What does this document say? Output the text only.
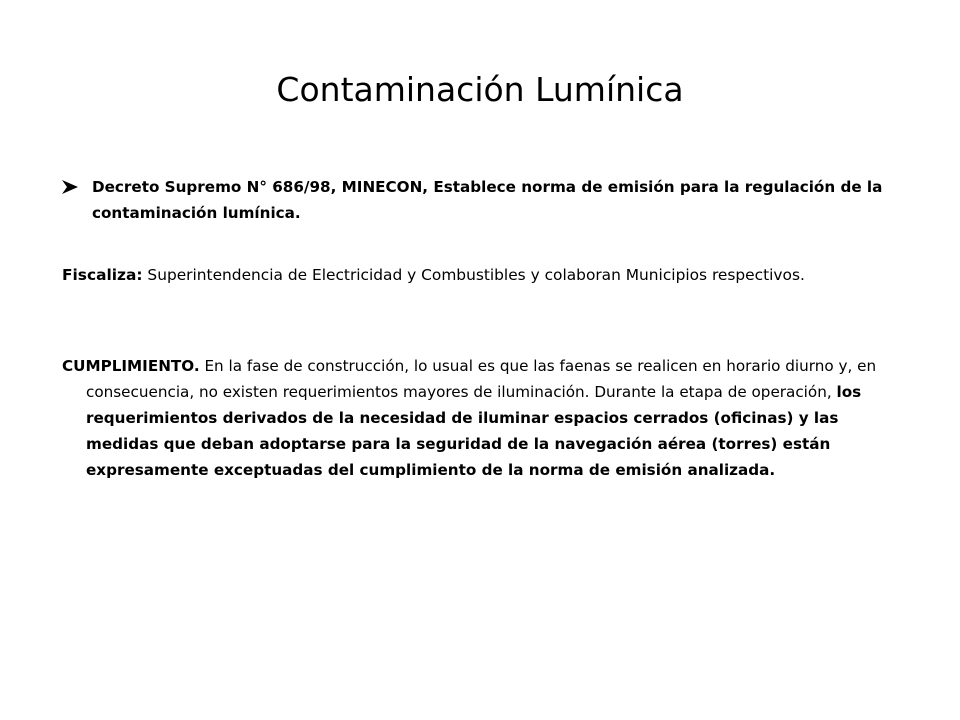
Contaminación Lumínica
Decreto Supremo N° 686/98, MINECON, Establece norma de emisión para la regulación de la contaminación lumínica.
Fiscaliza: Superintendencia de Electricidad y Combustibles y colaboran Municipios respectivos.
CUMPLIMIENTO. En la fase de construcción, lo usual es que las faenas se realicen en horario diurno y, en consecuencia, no existen requerimientos mayores de iluminación. Durante la etapa de operación, los requerimientos derivados de la necesidad de iluminar espacios cerrados (oficinas) y las medidas que deban adoptarse para la seguridad de la navegación aérea (torres) están expresamente exceptuadas del cumplimiento de la norma de emisión analizada.
